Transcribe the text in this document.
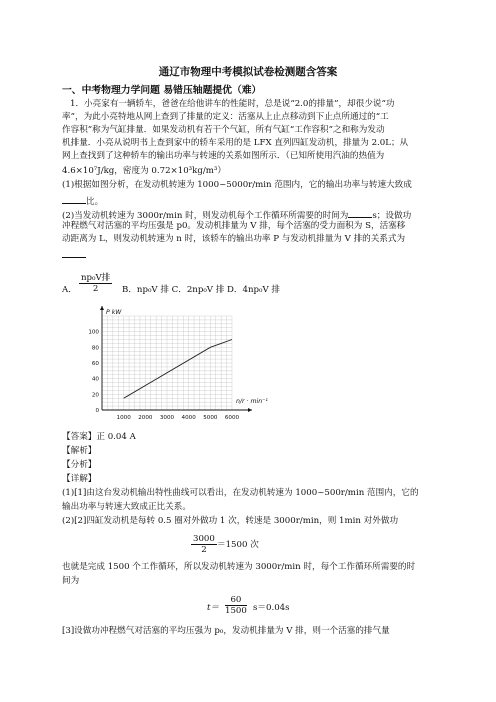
通辽市物理中考模拟试卷检测题含答案
一、中考物理力学问题 易错压轴题提优（难）
1．小亮家有一辆轿车，爸爸在给他讲车的性能时，总是说“2.0的排量”，却很少说“功
率”，为此小亮特地从网上查到了排量的定义：活塞从上止点移动到下止点所通过的“工
作容积”称为气缸排量．如果发动机有若干个气缸，所有气缸“工作容积”之和称为发动
机排量．小亮从说明书上查到家中的轿车采用的是 LFX 直列四缸发动机，排量为 2.0L；从
网上查找到了这种轿车的输出功率与转速的关系如图所示．（已知所使用汽油的热值为
4.6×10⁷J/kg，密度为 0.72×10³kg/m³）
(1)根据如图分析，在发动机转速为 1000~5000r/min 范围内，它的输出功率与转速大致成
比。
(2)当发动机转速为 3000r/min 时，则发动机每个工作循环所需要的时间为	s；设做功
冲程燃气对活塞的平均压强是 p0。发动机排量为 V 排，每个活塞的受力面积为 S，活塞移
动距离为 L，则发动机转速为 n 时，该轿车的输出功率 P 与发动机排量为 V 排的关系式为
A．
np₀V排
2	B．np₀V 排 C．2np₀V 排 D．4np₀V 排
1000 2000 3000 4000 5000 6000
0
20
40
60
80
100
P kW
n/r · min⁻¹
【答案】正 0.04 A
【解析】
【分析】
【详解】
(1)[1]由这台发动机输出特性曲线可以看出，在发动机转速为 1000~500r/min 范围内，它的
输出功率与转速大致成正比关系。
(2)[2]四缸发动机是每转 0.5 圈对外做功 1 次，转速是 3000r/min，则 1min 对外做功
$\frac{3000}{2} =1500$ 次
也就是完成 1500 个工作循环，所以发动机转速为 3000r/min 时，每个工作循环所需要的时
间为
$t= \frac{60}{1500} s=0.04s$
[3]设做功冲程燃气对活塞的平均压强为 p₀，发动机排量为 V 排，则一个活塞的排气量
